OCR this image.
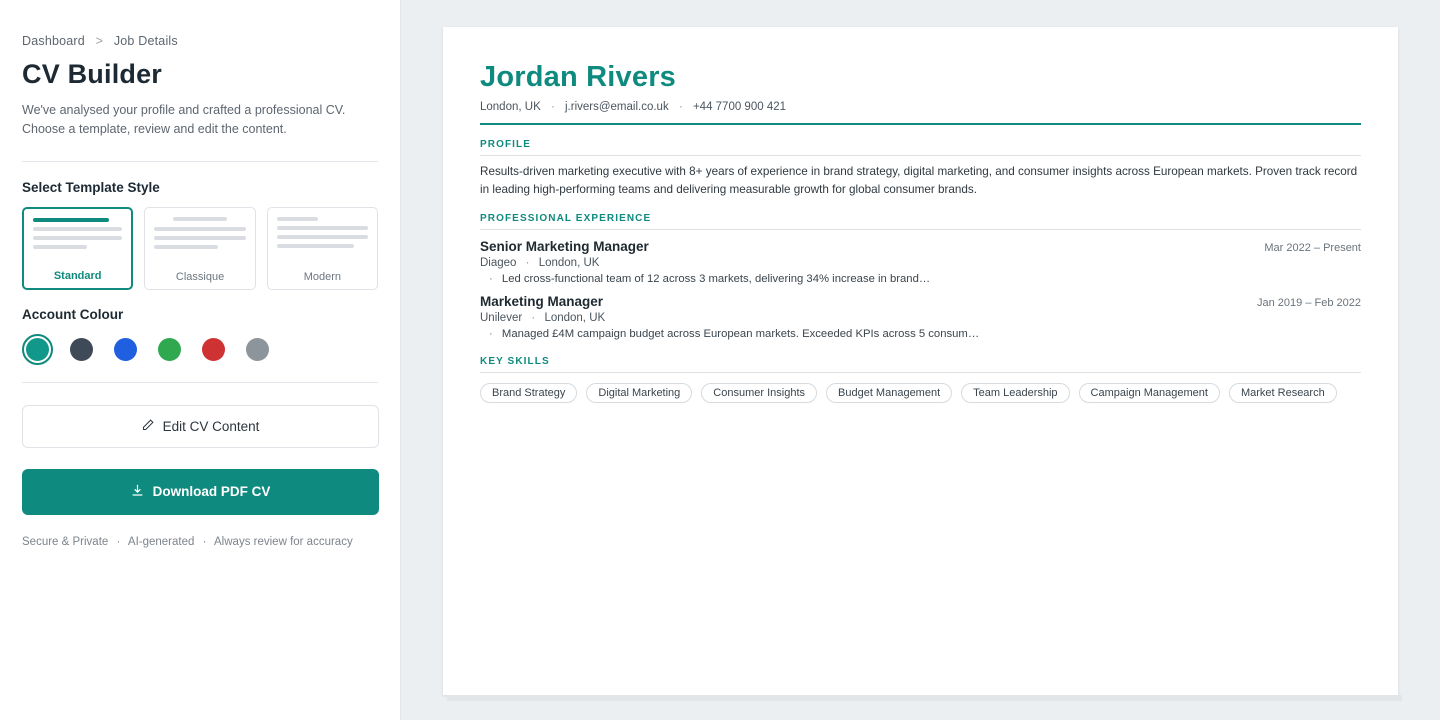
Dashboard > Job Details
CV Builder
We've analysed your profile and crafted a professional CV. Choose a template, review and edit the content.
Select Template Style
Standard	Classique	Modern
Account Colour
Edit CV Content
Download PDF CV
Secure & Private · AI-generated · Always review for accuracy
Jordan Rivers
London, UK · j.rivers@email.co.uk · +44 7700 900 421
PROFILE
Results-driven marketing executive with 8+ years of experience in brand strategy, digital marketing, and consumer insights across European markets. Proven track record in leading high-performing teams and delivering measurable growth for global consumer brands.
PROFESSIONAL EXPERIENCE
Senior Marketing Manager	Mar 2022 – Present
Diageo · London, UK
· Led cross-functional team of 12 across 3 markets, delivering 34% increase in brand…
Marketing Manager	Jan 2019 – Feb 2022
Unilever · London, UK
· Managed £4M campaign budget across European markets. Exceeded KPIs across 5 consum…
KEY SKILLS
Brand Strategy	Digital Marketing	Consumer Insights	Budget Management	Team Leadership	Campaign Management	Market Research
